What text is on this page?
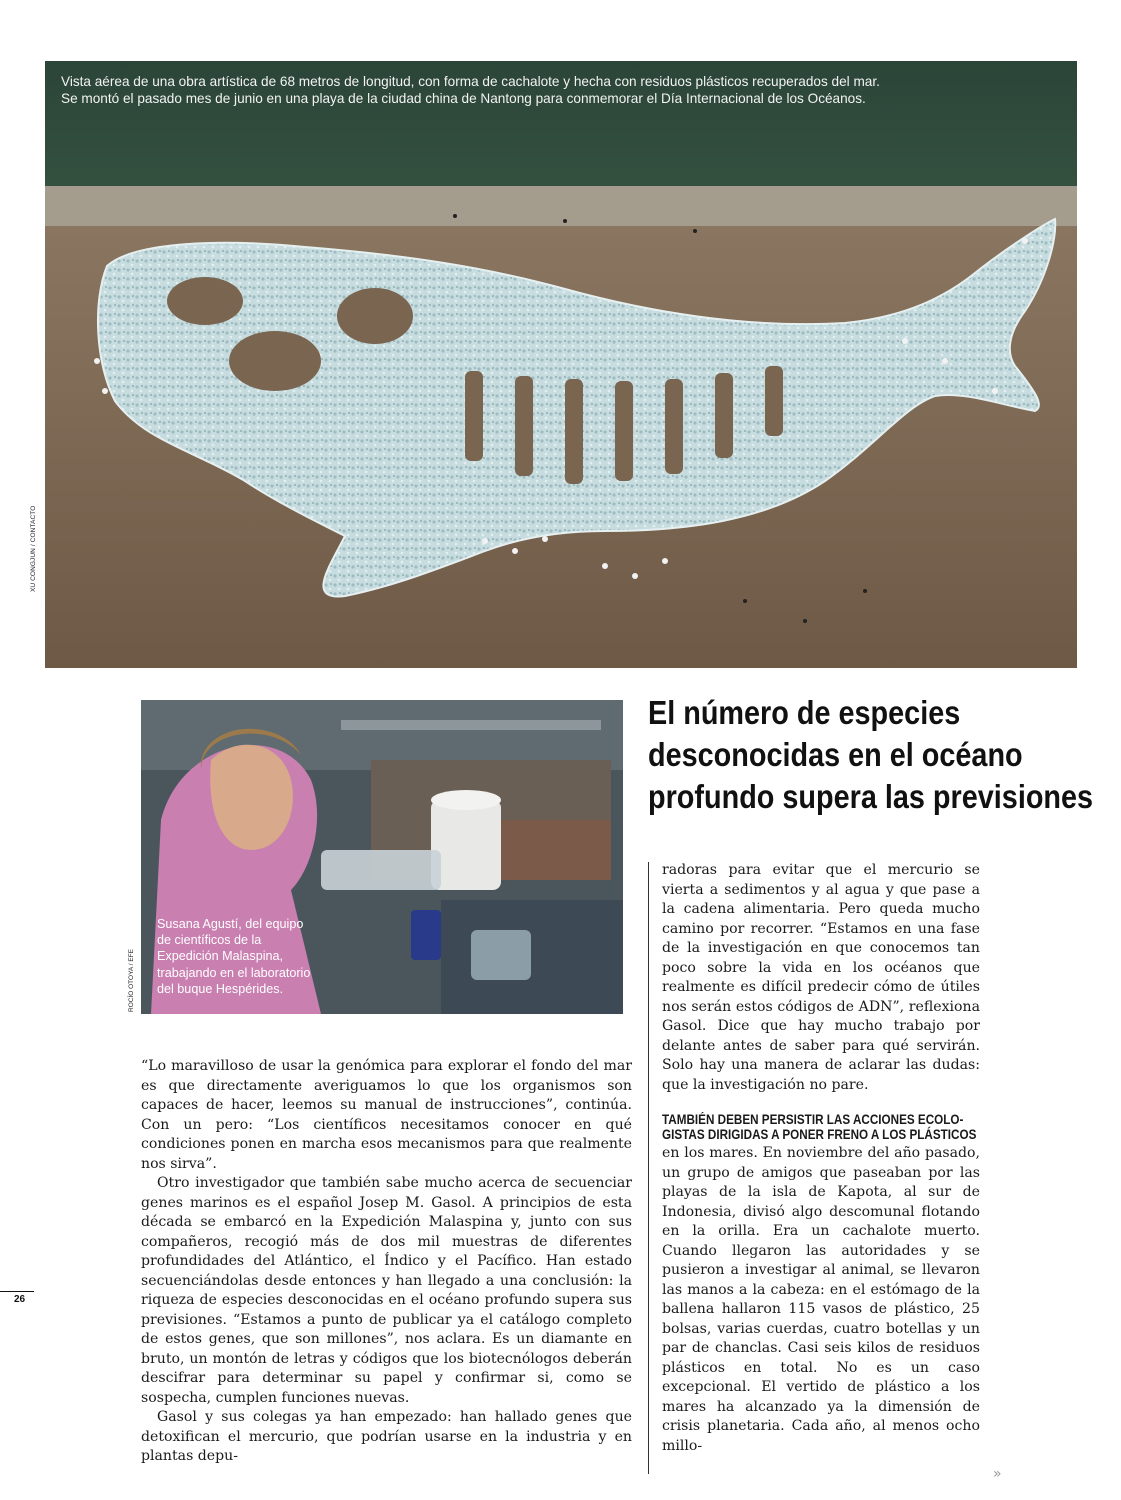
Vista aérea de una obra artística de 68 metros de longitud, con forma de cachalote y hecha con residuos plásticos recuperados del mar.
Se montó el pasado mes de junio en una playa de la ciudad china de Nantong para conmemorar el Día Internacional de los Océanos.
XU CONGJUN / CONTACTO
Susana Agustí, del equipo de científicos de la Expedición Malaspina, trabajando en el laboratorio del buque Hespérides.
ROCÍO OTOYA / EFE
El número de especies
desconocidas en el océano
profundo supera las previsiones

radoras para evitar que el mercurio se vierta a sedimentos y al agua y que pase a la cadena alimentaria. Pero queda mucho camino por recorrer. “Estamos en una fase de la investigación en que conocemos tan poco sobre la vida en los océanos que realmente es difícil predecir cómo de útiles nos serán estos códigos de ADN”, reflexiona Gasol. Dice que hay mucho trabajo por delante antes de saber para qué servirán. Solo hay una manera de aclarar las dudas: que la investigación no pare.

TAMBIÉN DEBEN PERSISTIR LAS ACCIONES ECOLO-
GISTAS DIRIGIDAS A PONER FRENO A LOS PLÁSTICOS

en los mares. En noviembre del año pasado, un grupo de amigos que paseaban por las playas de la isla de Kapota, al sur de Indonesia, divisó algo descomunal flotando en la orilla. Era un cachalote muerto. Cuando llegaron las autoridades y se pusieron a investigar al animal, se llevaron las manos a la cabeza: en el estómago de la ballena hallaron 115 vasos de plástico, 25 bolsas, varias cuerdas, cuatro botellas y un par de chanclas. Casi seis kilos de residuos plásticos en total. No es un caso excepcional. El vertido de plástico a los mares ha alcanzado ya la dimensión de crisis planetaria. Cada año, al menos ocho millo-

“Lo maravilloso de usar la genómica para explorar el fondo del mar es que directamente averiguamos lo que los organismos son capaces de hacer, leemos su manual de instrucciones”, continúa. Con un pero: “Los científicos necesitamos conocer en qué condiciones ponen en marcha esos mecanismos para que realmente nos sirva”.

Otro investigador que también sabe mucho acerca de secuenciar genes marinos es el español Josep M. Gasol. A principios de esta década se embarcó en la Expedición Malaspina y, junto con sus compañeros, recogió más de dos mil muestras de diferentes profundidades del Atlántico, el Índico y el Pacífico. Han estado secuenciándolas desde entonces y han llegado a una conclusión: la riqueza de especies desconocidas en el océano profundo supera sus previsiones. “Estamos a punto de publicar ya el catálogo completo de estos genes, que son millones”, nos aclara. Es un diamante en bruto, un montón de letras y códigos que los biotecnólogos deberán descifrar para determinar su papel y confirmar si, como se sospecha, cumplen funciones nuevas.

Gasol y sus colegas ya han empezado: han hallado genes que detoxifican el mercurio, que podrían usarse en la industria y en plantas depu-

26
»
